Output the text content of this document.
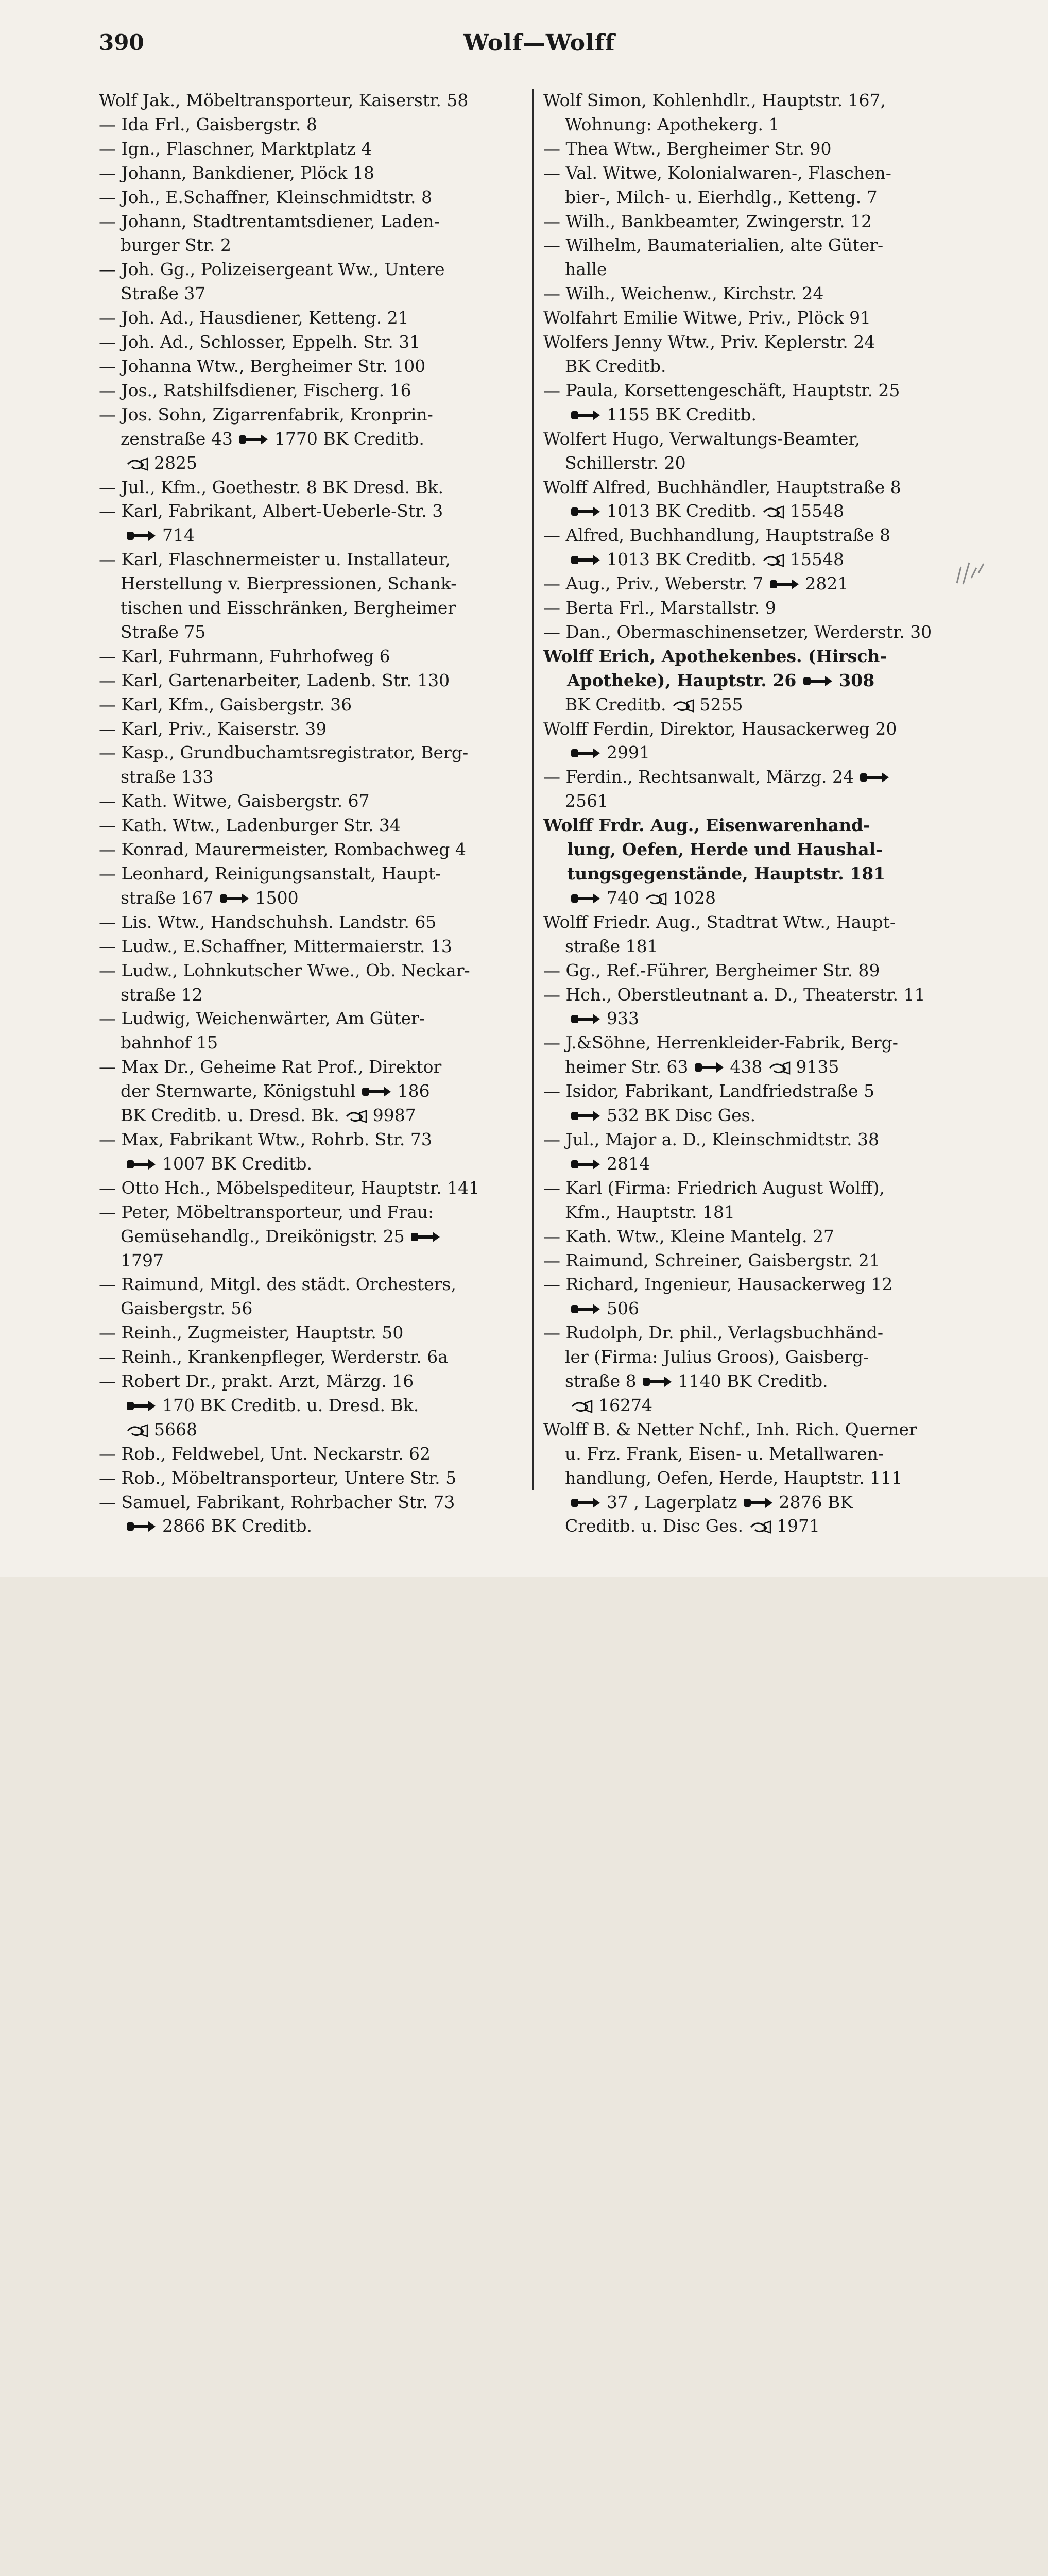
390	Wolf—Wolff
Wolf Jak., Möbeltransporteur, Kaiserstr. 58
— Ida Frl., Gaisbergstr. 8
— Ign., Flaschner, Marktplatz 4
— Johann, Bankdiener, Plöck 18
— Joh., E.Schaffner, Kleinschmidtstr. 8
— Johann, Stadtrentamtsdiener, Laden-
burger Str. 2
— Joh. Gg., Polizeisergeant Ww., Untere
Straße 37
— Joh. Ad., Hausdiener, Ketteng. 21
— Joh. Ad., Schlosser, Eppelh. Str. 31
— Johanna Wtw., Bergheimer Str. 100
— Jos., Ratshilfsdiener, Fischerg. 16
— Jos. Sohn, Zigarrenfabrik, Kronprin-
zenstraße 43 1770 BK Creditb.
2825
— Jul., Kfm., Goethestr. 8 BK Dresd. Bk.
— Karl, Fabrikant, Albert-Ueberle-Str. 3
714
— Karl, Flaschnermeister u. Installateur,
Herstellung v. Bierpressionen, Schank-
tischen und Eisschränken, Bergheimer
Straße 75
— Karl, Fuhrmann, Fuhrhofweg 6
— Karl, Gartenarbeiter, Ladenb. Str. 130
— Karl, Kfm., Gaisbergstr. 36
— Karl, Priv., Kaiserstr. 39
— Kasp., Grundbuchamtsregistrator, Berg-
straße 133
— Kath. Witwe, Gaisbergstr. 67
— Kath. Wtw., Ladenburger Str. 34
— Konrad, Maurermeister, Rombachweg 4
— Leonhard, Reinigungsanstalt, Haupt-
straße 167 1500
— Lis. Wtw., Handschuhsh. Landstr. 65
— Ludw., E.Schaffner, Mittermaierstr. 13
— Ludw., Lohnkutscher Wwe., Ob. Neckar-
straße 12
— Ludwig, Weichenwärter, Am Güter-
bahnhof 15
— Max Dr., Geheime Rat Prof., Direktor
der Sternwarte, Königstuhl 186
BK Creditb. u. Dresd. Bk. 9987
— Max, Fabrikant Wtw., Rohrb. Str. 73
1007 BK Creditb.
— Otto Hch., Möbelspediteur, Hauptstr. 141
— Peter, Möbeltransporteur, und Frau:
Gemüsehandlg., Dreikönigstr. 25
1797
— Raimund, Mitgl. des städt. Orchesters,
Gaisbergstr. 56
— Reinh., Zugmeister, Hauptstr. 50
— Reinh., Krankenpfleger, Werderstr. 6a
— Robert Dr., prakt. Arzt, Märzg. 16
170 BK Creditb. u. Dresd. Bk.
5668
— Rob., Feldwebel, Unt. Neckarstr. 62
— Rob., Möbeltransporteur, Untere Str. 5
— Samuel, Fabrikant, Rohrbacher Str. 73
2866 BK Creditb.
Wolf Simon, Kohlenhdlr., Hauptstr. 167,
Wohnung: Apothekerg. 1
— Thea Wtw., Bergheimer Str. 90
— Val. Witwe, Kolonialwaren-, Flaschen-
bier-, Milch- u. Eierhdlg., Ketteng. 7
— Wilh., Bankbeamter, Zwingerstr. 12
— Wilhelm, Baumaterialien, alte Güter-
halle
— Wilh., Weichenw., Kirchstr. 24
Wolfahrt Emilie Witwe, Priv., Plöck 91
Wolfers Jenny Wtw., Priv. Keplerstr. 24
BK Creditb.
— Paula, Korsettengeschäft, Hauptstr. 25
1155 BK Creditb.
Wolfert Hugo, Verwaltungs-Beamter,
Schillerstr. 20
Wolff Alfred, Buchhändler, Hauptstraße 8
1013 BK Creditb. 15548
— Alfred, Buchhandlung, Hauptstraße 8
1013 BK Creditb. 15548
— Aug., Priv., Weberstr. 7 2821
— Berta Frl., Marstallstr. 9
— Dan., Obermaschinensetzer, Werderstr. 30
Wolff Erich, Apothekenbes. (Hirsch-
Apotheke), Hauptstr. 26	308
BK Creditb. 5255
Wolff Ferdin, Direktor, Hausackerweg 20
2991
— Ferdin., Rechtsanwalt, Märzg. 24
2561
Wolff Frdr. Aug., Eisenwarenhand-
lung, Oefen, Herde und Haushal-
tungsgegenstände, Hauptstr. 181
740 1028
Wolff Friedr. Aug., Stadtrat Wtw., Haupt-
straße 181
— Gg., Ref.-Führer, Bergheimer Str. 89
— Hch., Oberstleutnant a. D., Theaterstr. 11
933
— J.&Söhne, Herrenkleider-Fabrik, Berg-
heimer Str. 63 438 9135
— Isidor, Fabrikant, Landfriedstraße 5
532 BK Disc Ges.
— Jul., Major a. D., Kleinschmidtstr. 38
2814
— Karl (Firma: Friedrich August Wolff),
Kfm., Hauptstr. 181
— Kath. Wtw., Kleine Mantelg. 27
— Raimund, Schreiner, Gaisbergstr. 21
— Richard, Ingenieur, Hausackerweg 12
506
— Rudolph, Dr. phil., Verlagsbuchhänd-
ler (Firma: Julius Groos), Gaisberg-
straße 8 1140 BK Creditb.
16274
Wolff B. & Netter Nchf., Inh. Rich. Querner
u. Frz. Frank, Eisen- u. Metallwaren-
handlung, Oefen, Herde, Hauptstr. 111
37 , Lagerplatz 2876 BK
Creditb. u. Disc Ges. 1971
